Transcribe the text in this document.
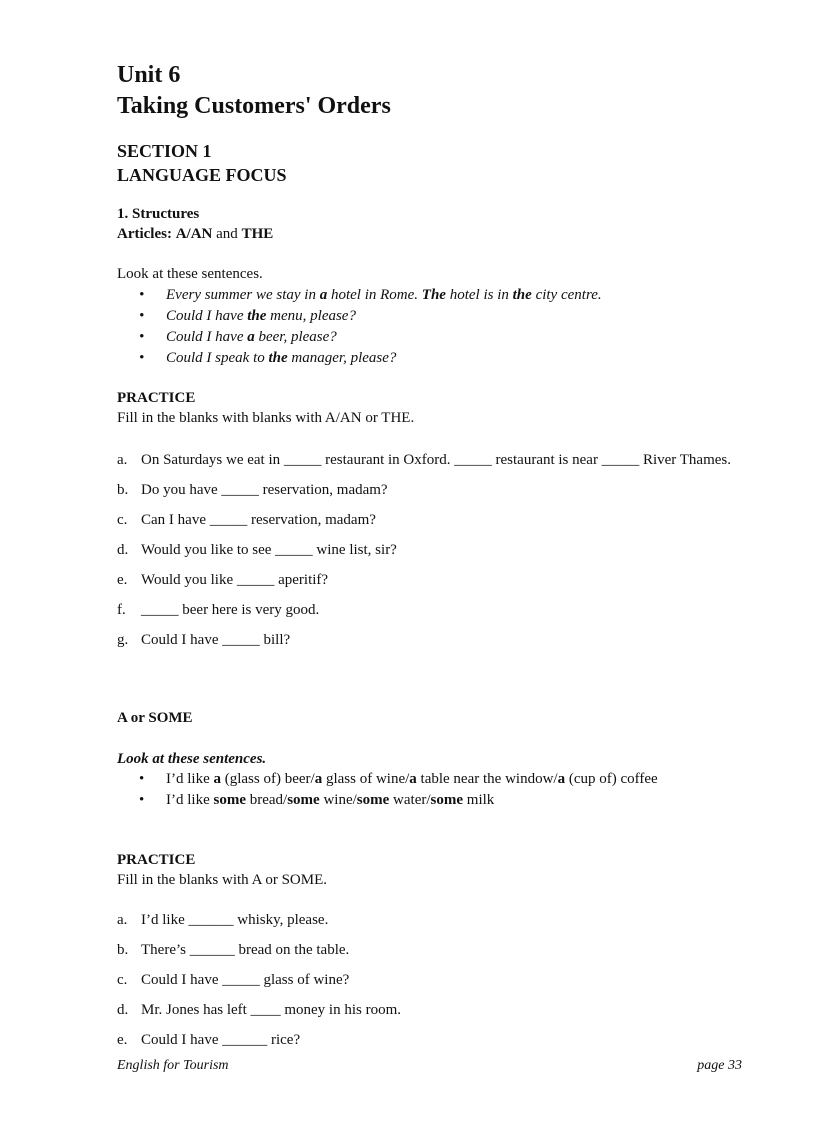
Unit 6
Taking Customers' Orders
SECTION 1
LANGUAGE FOCUS
1. Structures
Articles: A/AN and THE
Look at these sentences.
• Every summer we stay in a hotel in Rome. The hotel is in the city centre.
• Could I have the menu, please?
• Could I have a beer, please?
• Could I speak to the manager, please?
PRACTICE
Fill in the blanks with blanks with A/AN or THE.
a. On Saturdays we eat in _____ restaurant in Oxford. _____ restaurant is near _____ River Thames.
b. Do you have _____ reservation, madam?
c. Can I have _____ reservation, madam?
d. Would you like to see _____ wine list, sir?
e. Would you like _____ aperitif?
f. _____ beer here is very good.
g. Could I have _____ bill?
A or SOME
Look at these sentences.
• I’d like a (glass of) beer/a glass of wine/a table near the window/a (cup of) coffee
• I’d like some bread/some wine/some water/some milk
PRACTICE
Fill in the blanks with A or SOME.
a. I’d like ______ whisky, please.
b. There’s ______ bread on the table.
c. Could I have _____ glass of wine?
d. Mr. Jones has left ____ money in his room.
e. Could I have ______ rice?
English for Tourism	page 33
